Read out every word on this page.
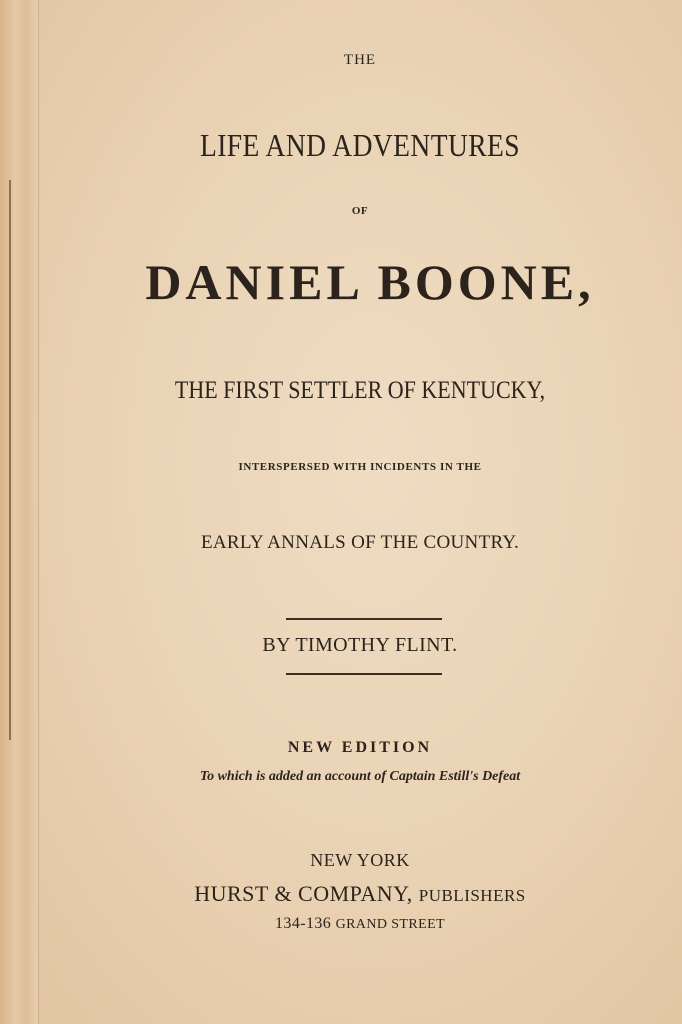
THE
LIFE AND ADVENTURES
OF
DANIEL BOONE,
THE FIRST SETTLER OF KENTUCKY,
INTERSPERSED WITH INCIDENTS IN THE
EARLY ANNALS OF THE COUNTRY.
BY TIMOTHY FLINT.
NEW EDITION
To which is added an account of Captain Estill's Defeat
NEW YORK
HURST & COMPANY, PUBLISHERS
134-136 GRAND STREET
